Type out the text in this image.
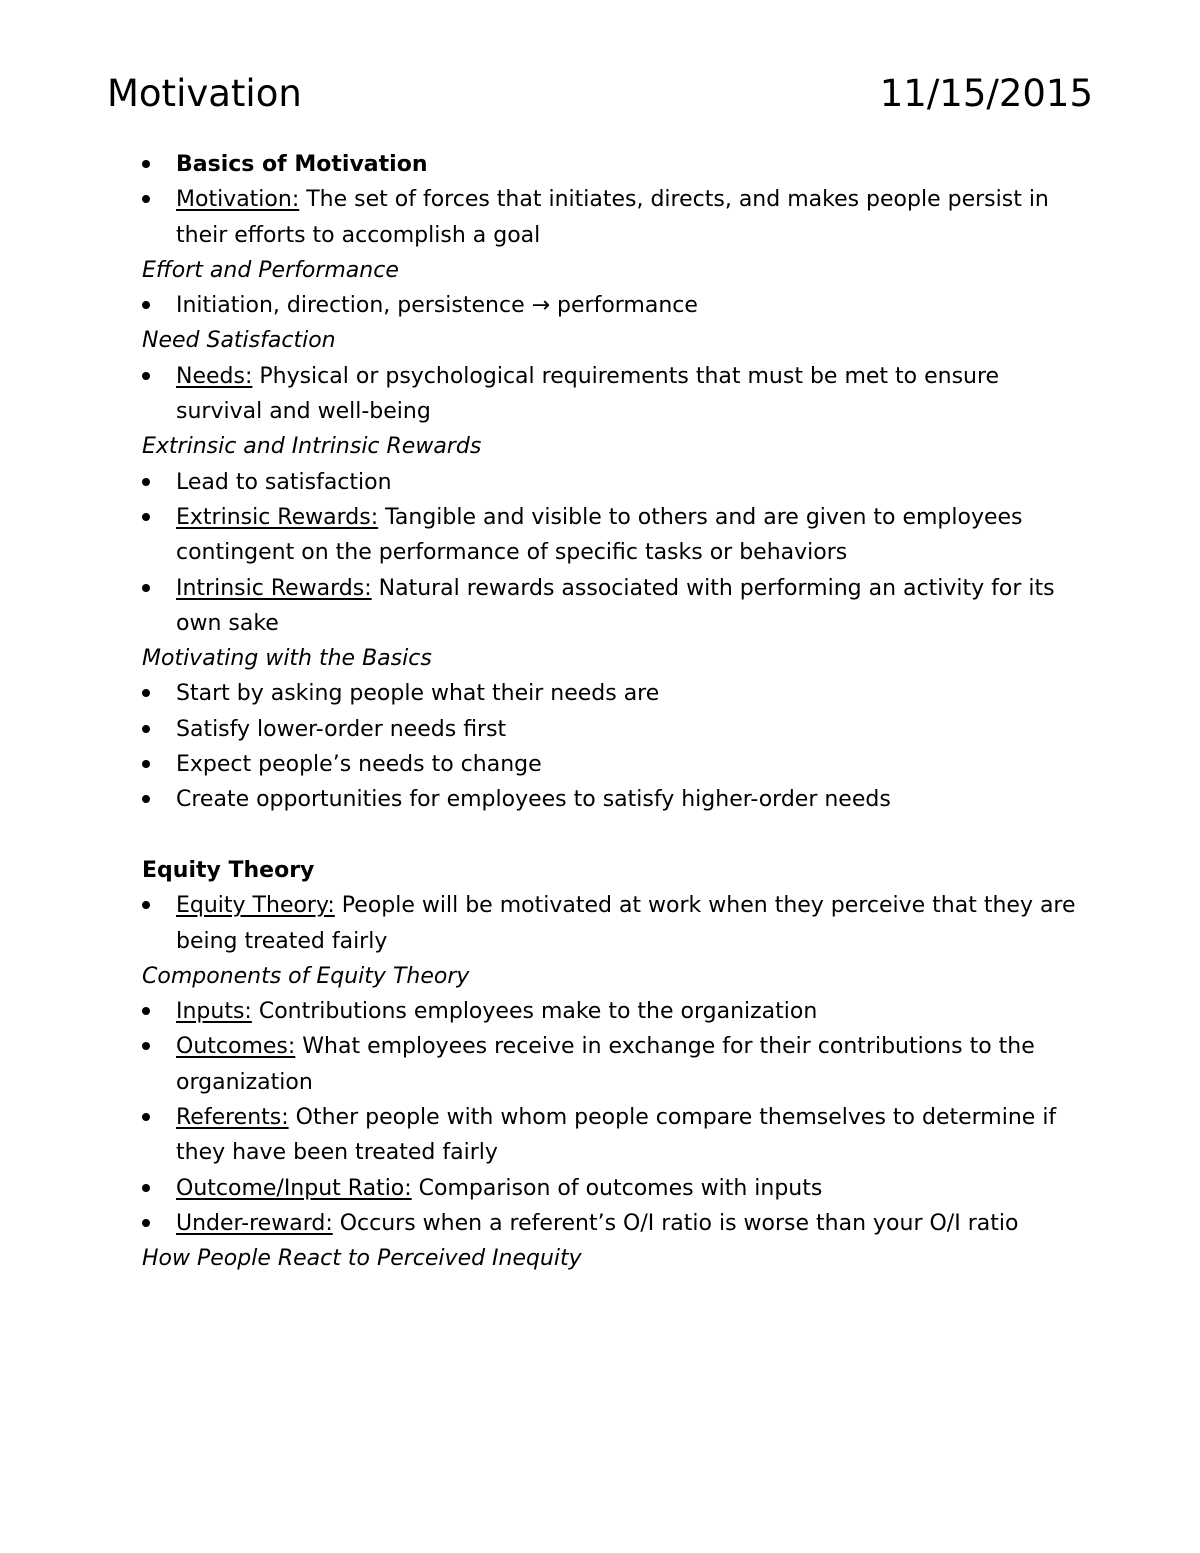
Motivation	11/15/2015
Basics of Motivation
Motivation: The set of forces that initiates, directs, and makes people persist in their efforts to accomplish a goal
Effort and Performance
Initiation, direction, persistence → performance
Need Satisfaction
Needs: Physical or psychological requirements that must be met to ensure survival and well-being
Extrinsic and Intrinsic Rewards
Lead to satisfaction
Extrinsic Rewards: Tangible and visible to others and are given to employees contingent on the performance of specific tasks or behaviors
Intrinsic Rewards: Natural rewards associated with performing an activity for its own sake
Motivating with the Basics
Start by asking people what their needs are
Satisfy lower-order needs first
Expect people’s needs to change
Create opportunities for employees to satisfy higher-order needs
Equity Theory
Equity Theory: People will be motivated at work when they perceive that they are being treated fairly
Components of Equity Theory
Inputs: Contributions employees make to the organization
Outcomes: What employees receive in exchange for their contributions to the organization
Referents: Other people with whom people compare themselves to determine if they have been treated fairly
Outcome/Input Ratio: Comparison of outcomes with inputs
Under-reward: Occurs when a referent’s O/I ratio is worse than your O/I ratio
How People React to Perceived Inequity
